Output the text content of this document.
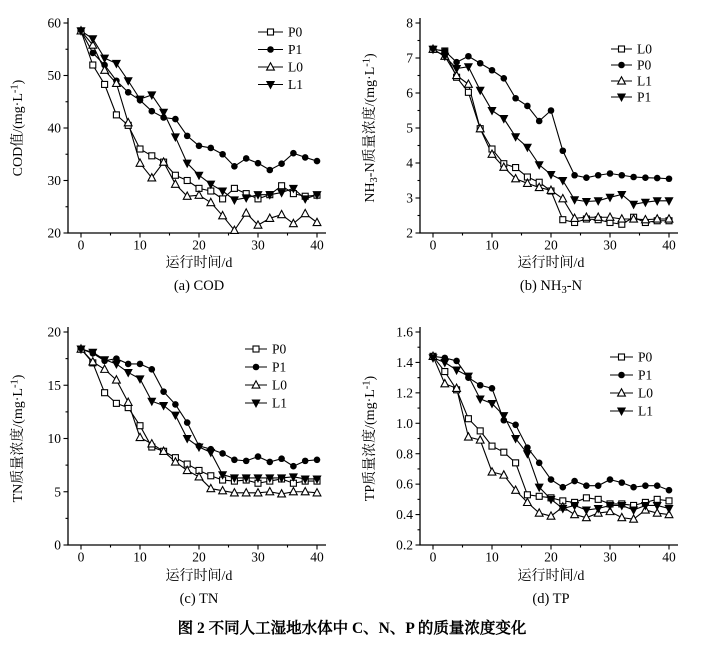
0	10	20	30	40
20
30
40
50
60
运行时间/d
COD值$/(mg\cdot L^{-1})$
(a) COD
P0
P1
L0
L1
0	10	20	30	40
2
3
4
5
6
7
8
运行时间/d
$NH_3-N$质量浓度$/(mg\cdot L^{-1})$
(b) $NH_3-N$
L0
P0
L1
P1
0	10	20	30	40
0
5
10
15
20
运行时间/d
TN质量浓度$/(mg\cdot L^{-1})$
(c) TN
P0
P1
L0
L1
0	10	20	30	40
0.2
0.4
0.6
0.8
1.0
1.2
1.4
1.6
运行时间/d
TP质量浓度$/(mg\cdot L^{-1})$
(d) TP
P0
P1
L0
L1
图 2 不同人工湿地水体中 C、N、P 的质量浓度变化
